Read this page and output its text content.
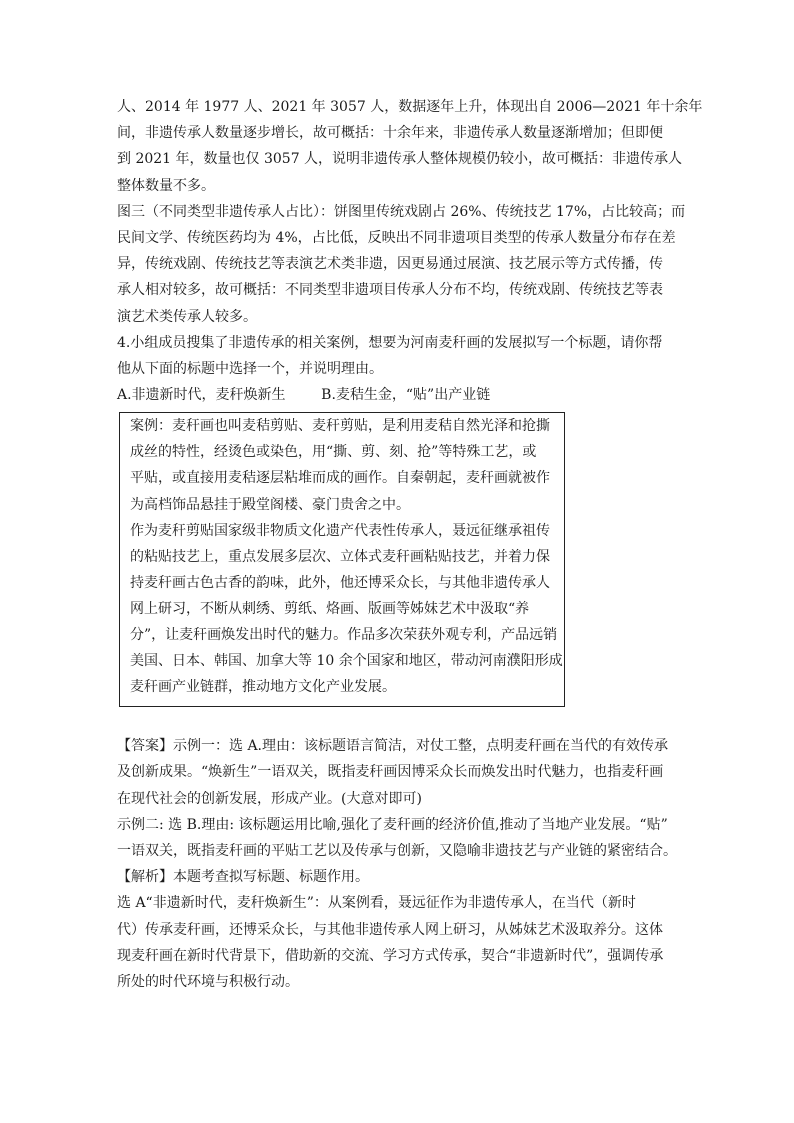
人、2014 年 1977 人、2021 年 3057 人，数据逐年上升，体现出自 2006—2021 年十余年

间，非遗传承人数量逐步增长，故可概括：十余年来，非遗传承人数量逐渐增加；但即便

到 2021 年，数量也仅 3057 人，说明非遗传承人整体规模仍较小，故可概括：非遗传承人

整体数量不多。

图三（不同类型非遗传承人占比）：饼图里传统戏剧占 26%、传统技艺 17%，占比较高；而

民间文学、传统医药均为 4%，占比低，反映出不同非遗项目类型的传承人数量分布存在差

异，传统戏剧、传统技艺等表演艺术类非遗，因更易通过展演、技艺展示等方式传播，传

承人相对较多，故可概括：不同类型非遗项目传承人分布不均，传统戏剧、传统技艺等表

演艺术类传承人较多。

4.小组成员搜集了非遗传承的相关案例，想要为河南麦秆画的发展拟写一个标题，请你帮

他从下面的标题中选择一个，并说明理由。

A.非遗新时代，麦秆焕新生        B.麦秸生金，“贴”出产业链

案例：麦秆画也叫麦秸剪贴、麦秆剪贴，是利用麦秸自然光泽和抢撕

成丝的特性，经烫色或染色，用“撕、剪、刻、抢”等特殊工艺，或

平贴，或直接用麦秸逐层粘堆而成的画作。自秦朝起，麦秆画就被作

为高档饰品悬挂于殿堂阁楼、豪门贵舍之中。

作为麦秆剪贴国家级非物质文化遗产代表性传承人，聂远征继承祖传

的粘贴技艺上，重点发展多层次、立体式麦秆画粘贴技艺，并着力保

持麦秆画古色古香的韵味，此外，他还博采众长，与其他非遗传承人

网上研习，不断从刺绣、剪纸、烙画、版画等姊妹艺术中汲取“养

分”，让麦秆画焕发出时代的魅力。作品多次荣获外观专利，产品远销

美国、日本、韩国、加拿大等 10 余个国家和地区，带动河南濮阳形成

麦秆画产业链群，推动地方文化产业发展。

【答案】示例一：选 A.理由：该标题语言简洁，对仗工整，点明麦秆画在当代的有效传承

及创新成果。“焕新生”一语双关，既指麦秆画因博采众长而焕发出时代魅力，也指麦秆画

在现代社会的创新发展，形成产业。(大意对即可)

示例二: 选 B.理由: 该标题运用比喻,强化了麦秆画的经济价值,推动了当地产业发展。“贴”

一语双关，既指麦秆画的平贴工艺以及传承与创新，又隐喻非遗技艺与产业链的紧密结合。

【解析】本题考查拟写标题、标题作用。

选 A“非遗新时代，麦秆焕新生”：从案例看，聂远征作为非遗传承人，在当代（新时

代）传承麦秆画，还博采众长，与其他非遗传承人网上研习，从姊妹艺术汲取养分。这体

现麦秆画在新时代背景下，借助新的交流、学习方式传承，契合“非遗新时代”，强调传承

所处的时代环境与积极行动。
